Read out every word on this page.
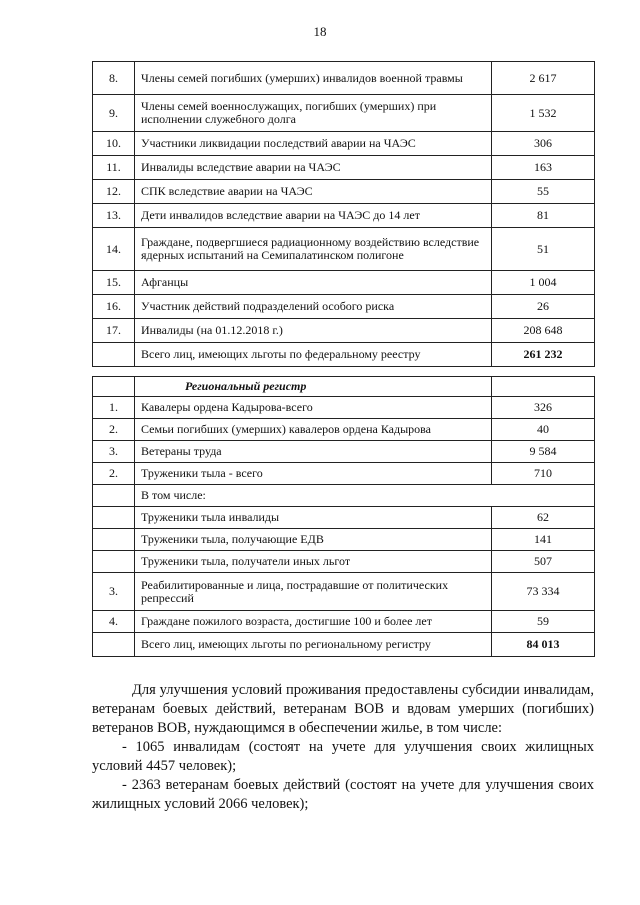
18
8.	Члены семей погибших (умерших) инвалидов военной травмы	2 617
9.	Члены семей военнослужащих, погибших (умерших) при исполнении служебного долга	1 532
10.	Участники ликвидации последствий аварии на ЧАЭС	306
11.	Инвалиды вследствие аварии на ЧАЭС	163
12.	СПК вследствие аварии на ЧАЭС	55
13.	Дети инвалидов вследствие аварии на ЧАЭС до 14 лет	81
14.	Граждане, подвергшиеся радиационному воздействию вследствие ядерных испытаний на Семипалатинском полигоне	51
15.	Афганцы	1 004
16.	Участник действий подразделений особого риска	26
17.	Инвалиды (на 01.12.2018 г.)	208 648
	Всего лиц, имеющих льготы по федеральному реестру	261 232
	Региональный регистр	
1.	Кавалеры ордена Кадырова-всего	326
2.	Семьи погибших (умерших) кавалеров ордена Кадырова	40
3.	Ветераны труда	9 584
2.	Труженики тыла - всего	710
	В том числе:	
	Труженики тыла инвалиды	62
	Труженики тыла, получающие ЕДВ	141
	Труженики тыла, получатели иных льгот	507
3.	Реабилитированные и лица, пострадавшие от политических репрессий	73 334
4.	Граждане пожилого возраста, достигшие 100 и более лет	59
	Всего лиц, имеющих льготы по региональному регистру	84 013

Для улучшения условий проживания предоставлены субсидии инвалидам, ветеранам боевых действий, ветеранам ВОВ и вдовам умерших (погибших) ветеранов ВОВ, нуждающимся в обеспечении жилье, в том числе:

- 1065 инвалидам (состоят на учете для улучшения своих жилищных условий 4457 человек);

- 2363 ветеранам боевых действий (состоят на учете для улучшения своих жилищных условий 2066 человек);
